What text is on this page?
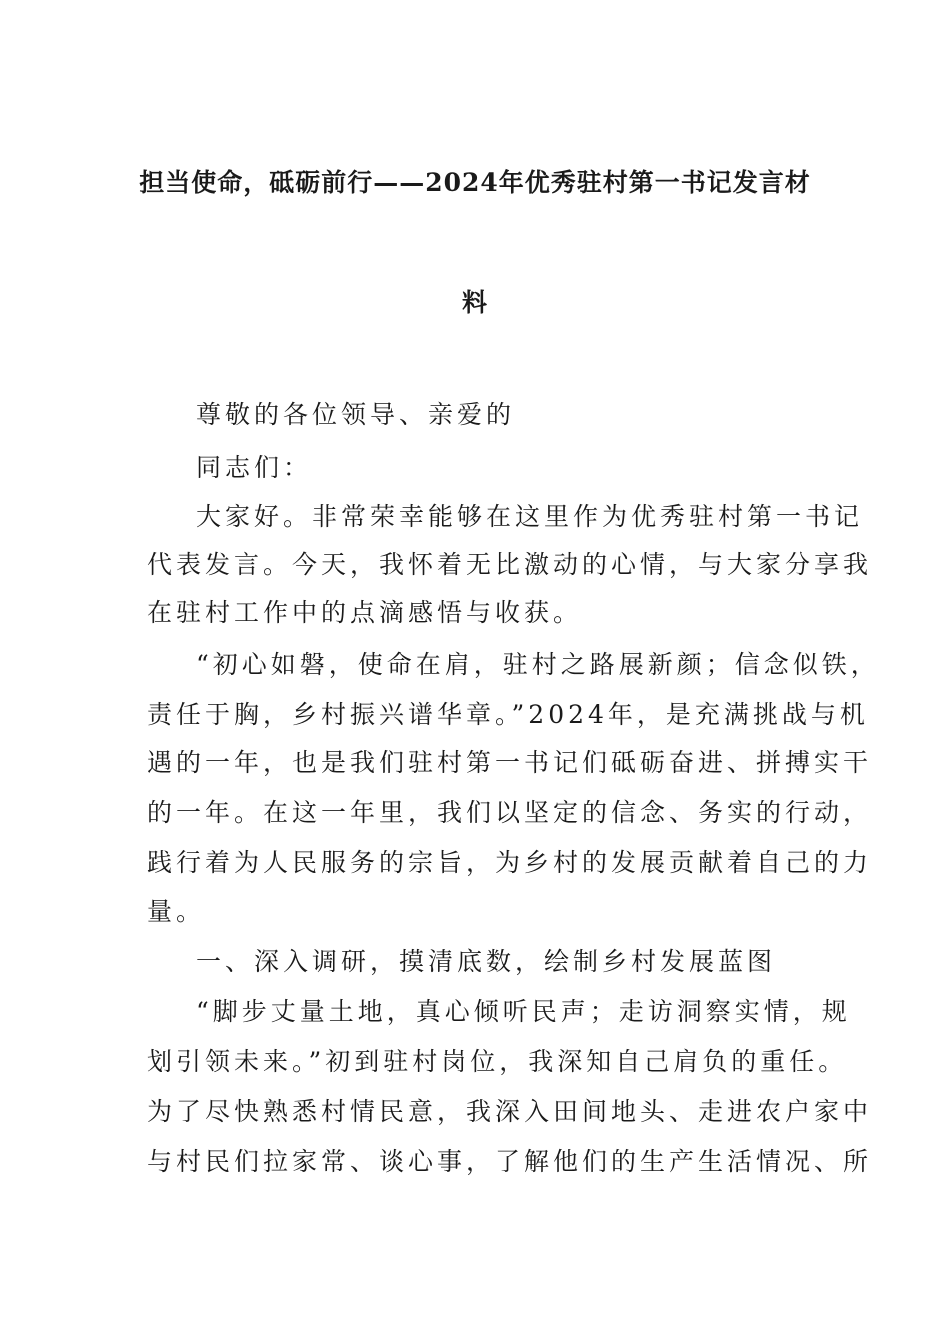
担当使命，砥砺前行——2024年优秀驻村第一书记发言材
料
尊敬的各位领导、亲爱的
同志们：
大家好。非常荣幸能够在这里作为优秀驻村第一书记
代表发言。今天，我怀着无比激动的心情，与大家分享我
在驻村工作中的点滴感悟与收获。
“初心如磐，使命在肩，驻村之路展新颜；信念似铁，
责任于胸，乡村振兴谱华章。”2024年，是充满挑战与机
遇的一年，也是我们驻村第一书记们砥砺奋进、拼搏实干
的一年。在这一年里，我们以坚定的信念、务实的行动，
践行着为人民服务的宗旨，为乡村的发展贡献着自己的力
量。
一、深入调研，摸清底数，绘制乡村发展蓝图
“脚步丈量土地，真心倾听民声；走访洞察实情，规
划引领未来。”初到驻村岗位，我深知自己肩负的重任。
为了尽快熟悉村情民意，我深入田间地头、走进农户家中
与村民们拉家常、谈心事，了解他们的生产生活情况、所
